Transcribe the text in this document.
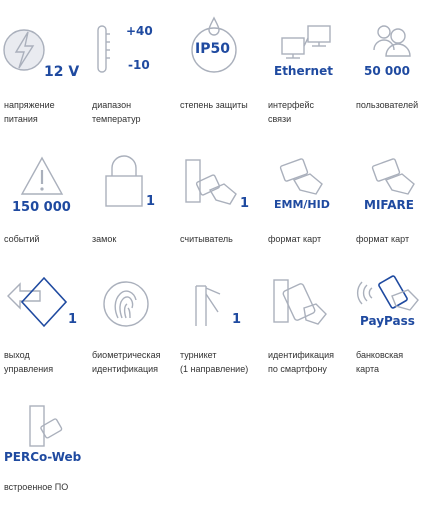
12 V
напряжение
питания
+40
-10
диапазон
температур
IP50
степень защиты
Ethernet
интерфейс
связи
50 000
пользователей
150 000
событий
1
замок
1
считыватель
EMM/HID
формат карт
MIFARE
формат карт
1
выход
управления
биометрическая
идентификация
1
турникет
(1 направление)
идентификация
по смартфону
PayPass
банковская
карта
PERCo-Web
встроенное ПО
